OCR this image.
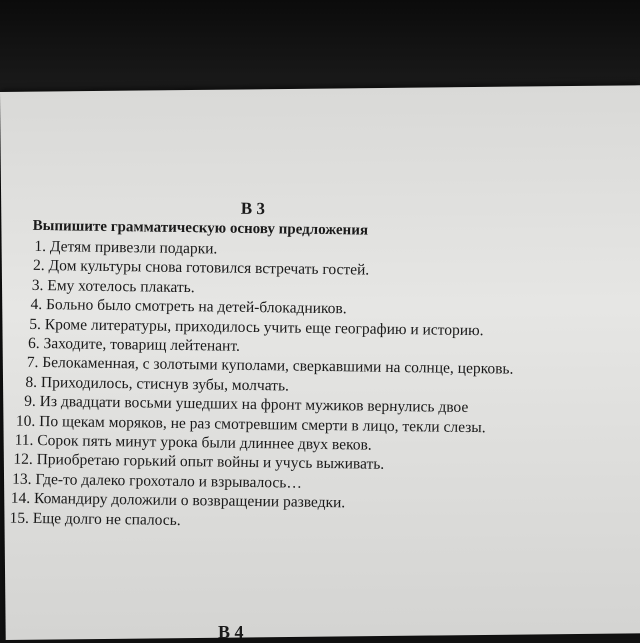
В 3
Выпишите грамматическую основу предложения
1. Детям привезли подарки.
2. Дом культуры снова готовился встречать гостей.
3. Ему хотелось плакать.
4. Больно было смотреть на детей-блокадников.
5. Кроме литературы, приходилось учить еще географию и историю.
6. Заходите, товарищ лейтенант.
7. Белокаменная, с золотыми куполами, сверкавшими на солнце, церковь.
8. Приходилось, стиснув зубы, молчать.
9. Из двадцати восьми ушедших на фронт мужиков вернулись двое
10. По щекам моряков, не раз смотревшим смерти в лицо, текли слезы.
11. Сорок пять минут урока были длиннее двух веков.
12. Приобретаю горький опыт войны и учусь выживать.
13. Где-то далеко грохотало и взрывалось…
14. Командиру доложили о возвращении разведки.
15. Еще долго не спалось.
В 4
